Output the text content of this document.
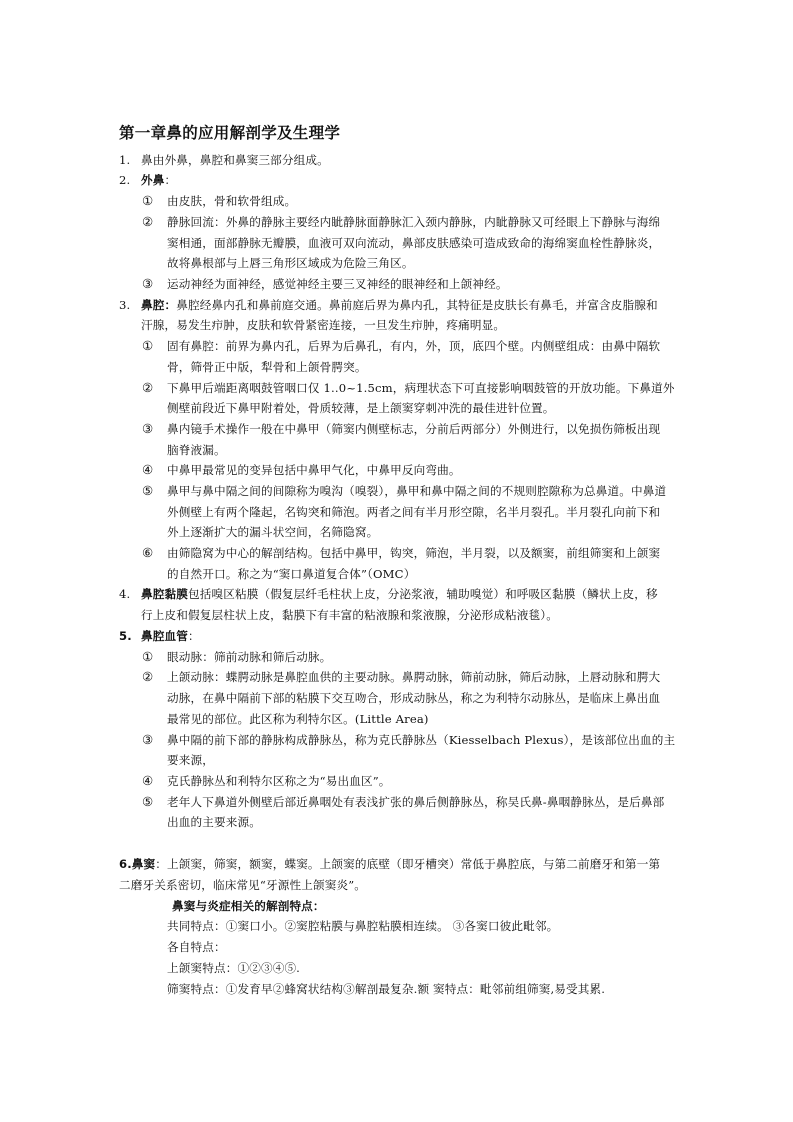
第一章鼻的应用解剖学及生理学
1. 鼻由外鼻，鼻腔和鼻窦三部分组成。
2. 外鼻：
① 由皮肤，骨和软骨组成。
② 静脉回流：外鼻的静脉主要经内眦静脉面静脉汇入颈内静脉，内眦静脉又可经眼上下静脉与海绵
窦相通，面部静脉无瓣膜，血液可双向流动，鼻部皮肤感染可造成致命的海绵窦血栓性静脉炎，
故将鼻根部与上唇三角形区域成为危险三角区。
③ 运动神经为面神经，感觉神经主要三叉神经的眼神经和上颌神经。
3. 鼻腔：鼻腔经鼻内孔和鼻前庭交通。鼻前庭后界为鼻内孔，其特征是皮肤长有鼻毛，并富含皮脂腺和
汗腺，易发生疖肿，皮肤和软骨紧密连接，一旦发生疖肿，疼痛明显。
① 固有鼻腔：前界为鼻内孔，后界为后鼻孔，有内，外，顶，底四个壁。内侧壁组成：由鼻中隔软
骨，筛骨正中版，犁骨和上颌骨腭突。
② 下鼻甲后端距离咽鼓管咽口仅 1..0~1.5cm，病理状态下可直接影响咽鼓管的开放功能。下鼻道外
侧壁前段近下鼻甲附着处，骨质较薄，是上颌窦穿刺冲洗的最佳进针位置。
③ 鼻内镜手术操作一般在中鼻甲（筛窦内侧壁标志，分前后两部分）外侧进行，以免损伤筛板出现
脑脊液漏。
④ 中鼻甲最常见的变异包括中鼻甲气化，中鼻甲反向弯曲。
⑤ 鼻甲与鼻中隔之间的间隙称为嗅沟（嗅裂），鼻甲和鼻中隔之间的不规则腔隙称为总鼻道。中鼻道
外侧壁上有两个隆起，名钩突和筛泡。两者之间有半月形空隙，名半月裂孔。半月裂孔向前下和
外上逐渐扩大的漏斗状空间，名筛隐窝。
⑥ 由筛隐窝为中心的解剖结构。包括中鼻甲，钩突，筛泡，半月裂，以及额窦，前组筛窦和上颌窦
的自然开口。称之为“窦口鼻道复合体”（OMC）
4. 鼻腔黏膜包括嗅区粘膜（假复层纤毛柱状上皮，分泌浆液，辅助嗅觉）和呼吸区黏膜（鳞状上皮，移
行上皮和假复层柱状上皮，黏膜下有丰富的粘液腺和浆液腺，分泌形成粘液毯）。
5. 鼻腔血管：
① 眼动脉：筛前动脉和筛后动脉。
② 上颌动脉：蝶腭动脉是鼻腔血供的主要动脉。鼻腭动脉，筛前动脉，筛后动脉，上唇动脉和腭大
动脉，在鼻中隔前下部的粘膜下交互吻合，形成动脉丛，称之为利特尔动脉丛，是临床上鼻出血
最常见的部位。此区称为利特尔区。(Little Area)
③ 鼻中隔的前下部的静脉构成静脉丛，称为克氏静脉丛（Kiesselbach Plexus），是该部位出血的主
要来源，
④ 克氏静脉丛和利特尔区称之为“易出血区”。
⑤ 老年人下鼻道外侧壁后部近鼻咽处有表浅扩张的鼻后侧静脉丛，称吴氏鼻-鼻咽静脉丛，是后鼻部
出血的主要来源。
6.鼻窦：上颌窦，筛窦，额窦，蝶窦。上颌窦的底壁（即牙槽突）常低于鼻腔底，与第二前磨牙和第一第
二磨牙关系密切，临床常见“牙源性上颌窦炎”。
鼻窦与炎症相关的解剖特点：
共同特点：①窦口小。②窦腔粘膜与鼻腔粘膜相连续。 ③各窦口彼此毗邻。
各自特点：
上颌窦特点：①②③④⑤.
筛窦特点：①发育早②蜂窝状结构③解剖最复杂.额 窦特点：毗邻前组筛窦,易受其累.
